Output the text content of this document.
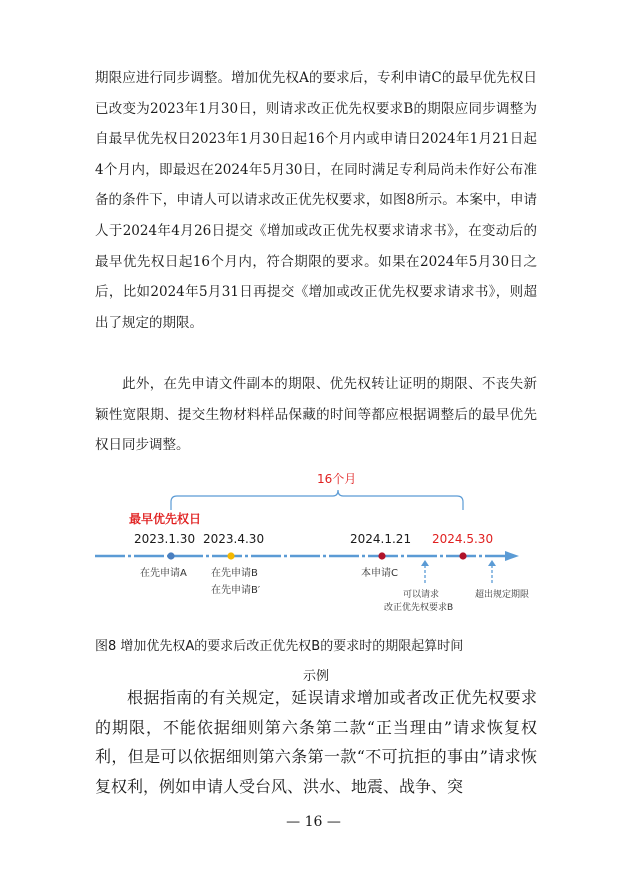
期限应进行同步调整。增加优先权A的要求后，专利申请C的最早优先权日已改变为2023年1月30日，则请求改正优先权要求B的期限应同步调整为自最早优先权日2023年1月30日起16个月内或申请日2024年1月21日起4个月内，即最迟在2024年5月30日，在同时满足专利局尚未作好公布准备的条件下，申请人可以请求改正优先权要求，如图8所示。本案中，申请人于2024年4月26日提交《增加或改正优先权要求请求书》，在变动后的最早优先权日起16个月内，符合期限的要求。如果在2024年5月30日之后，比如2024年5月31日再提交《增加或改正优先权要求请求书》，则超出了规定的期限。

此外，在先申请文件副本的期限、优先权转让证明的期限、不丧失新颖性宽限期、提交生物材料样品保藏的时间等都应根据调整后的最早优先权日同步调整。

16个月
最早优先权日
2023.1.30 2023.4.30	2024.1.21 2024.5.30
在先申请A 在先申请B
在先申请B′
本申请C
可以请求
改正优先权要求B
超出规定期限

图8 增加优先权A的要求后改正优先权B的要求时的期限起算时间
示例

根据指南的有关规定，延误请求增加或者改正优先权要求的期限，不能依据细则第六条第二款“正当理由”请求恢复权利，但是可以依据细则第六条第一款“不可抗拒的事由”请求恢复权利，例如申请人受台风、洪水、地震、战争、突

— 16 —
